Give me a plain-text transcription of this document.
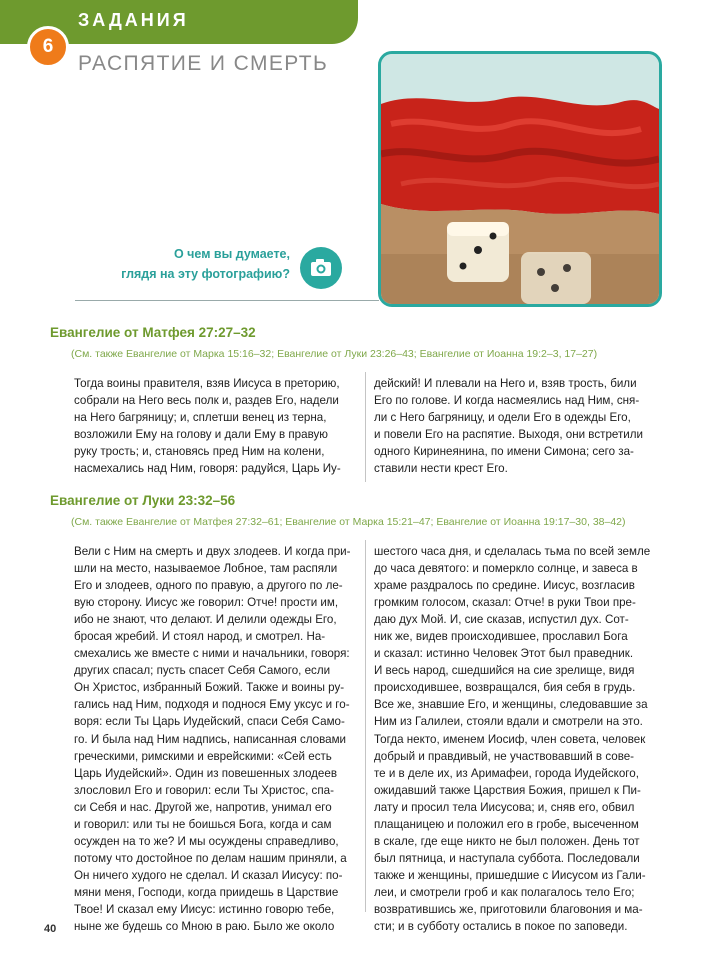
ЗАДАНИЯ
6
РАСПЯТИЕ И СМЕРТЬ
О чем вы думаете,
глядя на эту фотографию?
Евангелие от Матфея 27:27–32
(См. также Евангелие от Марка 15:16–32; Евангелие от Луки 23:26–43; Евангелие от Иоанна 19:2–3, 17–27)
Тогда воины правителя, взяв Иисуса в преторию,
собрали на Него весь полк и, раздев Его, надели
на Него багряницу; и, сплетши венец из терна,
возложили Ему на голову и дали Ему в правую
руку трость; и, становясь пред Ним на колени,
насмехались над Ним, говоря: радуйся, Царь Иу-
дейский! И плевали на Него и, взяв трость, били
Его по голове. И когда насмеялись над Ним, сня-
ли с Него багряницу, и одели Его в одежды Его,
и повели Его на распятие. Выходя, они встретили
одного Киринеянина, по имени Симона; сего за-
ставили нести крест Его.
Евангелие от Луки 23:32–56
(См. также Евангелие от Матфея 27:32–61; Евангелие от Марка 15:21–47; Евангелие от Иоанна 19:17–30, 38–42)
Вели с Ним на смерть и двух злодеев. И когда при-
шли на место, называемое Лобное, там распяли
Его и злодеев, одного по правую, а другого по ле-
вую сторону. Иисус же говорил: Отче! прости им,
ибо не знают, что делают. И делили одежды Его,
бросая жребий. И стоял народ, и смотрел. На-
смехались же вместе с ними и начальники, говоря:
других спасал; пусть спасет Себя Самого, если
Он Христос, избранный Божий. Также и воины ру-
гались над Ним, подходя и поднося Ему уксус и го-
воря: если Ты Царь Иудейский, спаси Себя Само-
го. И была над Ним надпись, написанная словами
греческими, римскими и еврейскими: «Сей есть
Царь Иудейский». Один из повешенных злодеев
злословил Его и говорил: если Ты Христос, спа-
си Себя и нас. Другой же, напротив, унимал его
и говорил: или ты не боишься Бога, когда и сам
осужден на то же? И мы осуждены справедливо,
потому что достойное по делам нашим приняли, а
Он ничего худого не сделал. И сказал Иисусу: по-
мяни меня, Господи, когда приидешь в Царствие
Твое! И сказал ему Иисус: истинно говорю тебе,
ныне же будешь со Мною в раю. Было же около
шестого часа дня, и сделалась тьма по всей земле
до часа девятого: и померкло солнце, и завеса в
храме раздралось по средине. Иисус, возгласив
громким голосом, сказал: Отче! в руки Твои пре-
даю дух Мой. И, сие сказав, испустил дух. Сот-
ник же, видев происходившее, прославил Бога
и сказал: истинно Человек Этот был праведник.
И весь народ, сшедшийся на сие зрелище, видя
происходившее, возвращался, бия себя в грудь.
Все же, знавшие Его, и женщины, следовавшие за
Ним из Галилеи, стояли вдали и смотрели на это.
Тогда некто, именем Иосиф, член совета, человек
добрый и правдивый, не участвовавший в сове-
те и в деле их, из Аримафеи, города Иудейского,
ожидавший также Царствия Божия, пришел к Пи-
лату и просил тела Иисусова; и, сняв его, обвил
плащаницею и положил его в гробе, высеченном
в скале, где еще никто не был положен. День тот
был пятница, и наступала суббота. Последовали
также и женщины, пришедшие с Иисусом из Гали-
леи, и смотрели гроб и как полагалось тело Его;
возвратившись же, приготовили благовония и ма-
сти; и в субботу остались в покое по заповеди.
40
